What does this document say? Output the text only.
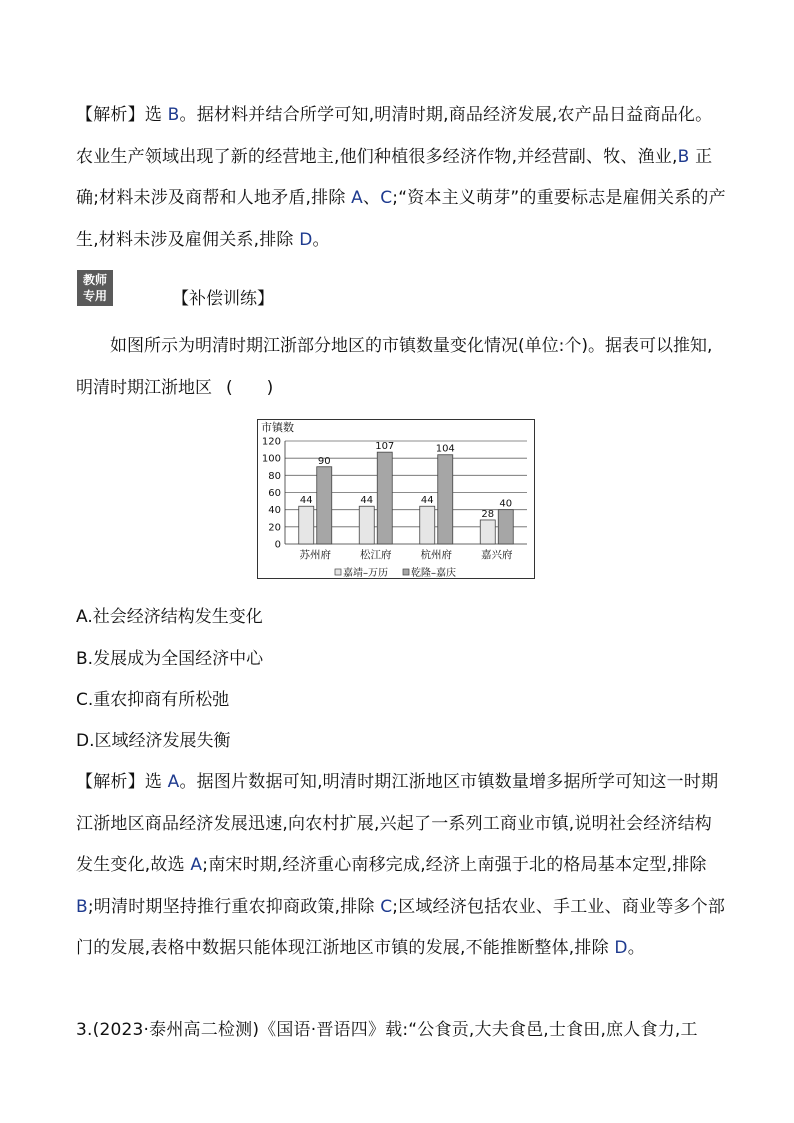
【解析】选 B。据材料并结合所学可知,明清时期,商品经济发展,农产品日益商品化。农业生产领域出现了新的经营地主,他们种植很多经济作物,并经营副、牧、渔业,B 正确;材料未涉及商帮和人地矛盾,排除 A、C;“资本主义萌芽”的重要标志是雇佣关系的产生,材料未涉及雇佣关系,排除 D。
教师
专用	【补偿训练】
如图所示为明清时期江浙部分地区的市镇数量变化情况(单位:个)。据表可以推知,明清时期江浙地区 (　　)
市镇数
0
20
40
60
80
100
120
44
90
44
107
44
104
28
40
苏州府	松江府	杭州府	嘉兴府
嘉靖–万历 乾隆–嘉庆
A.社会经济结构发生变化
B.发展成为全国经济中心
C.重农抑商有所松弛
D.区域经济发展失衡
【解析】选 A。据图片数据可知,明清时期江浙地区市镇数量增多据所学可知这一时期江浙地区商品经济发展迅速,向农村扩展,兴起了一系列工商业市镇,说明社会经济结构发生变化,故选 A;南宋时期,经济重心南移完成,经济上南强于北的格局基本定型,排除 B;明清时期坚持推行重农抑商政策,排除 C;区域经济包括农业、手工业、商业等多个部门的发展,表格中数据只能体现江浙地区市镇的发展,不能推断整体,排除 D。
3.(2023·泰州高二检测)《国语·晋语四》载:“公食贡,大夫食邑,士食田,庶人食力,工
